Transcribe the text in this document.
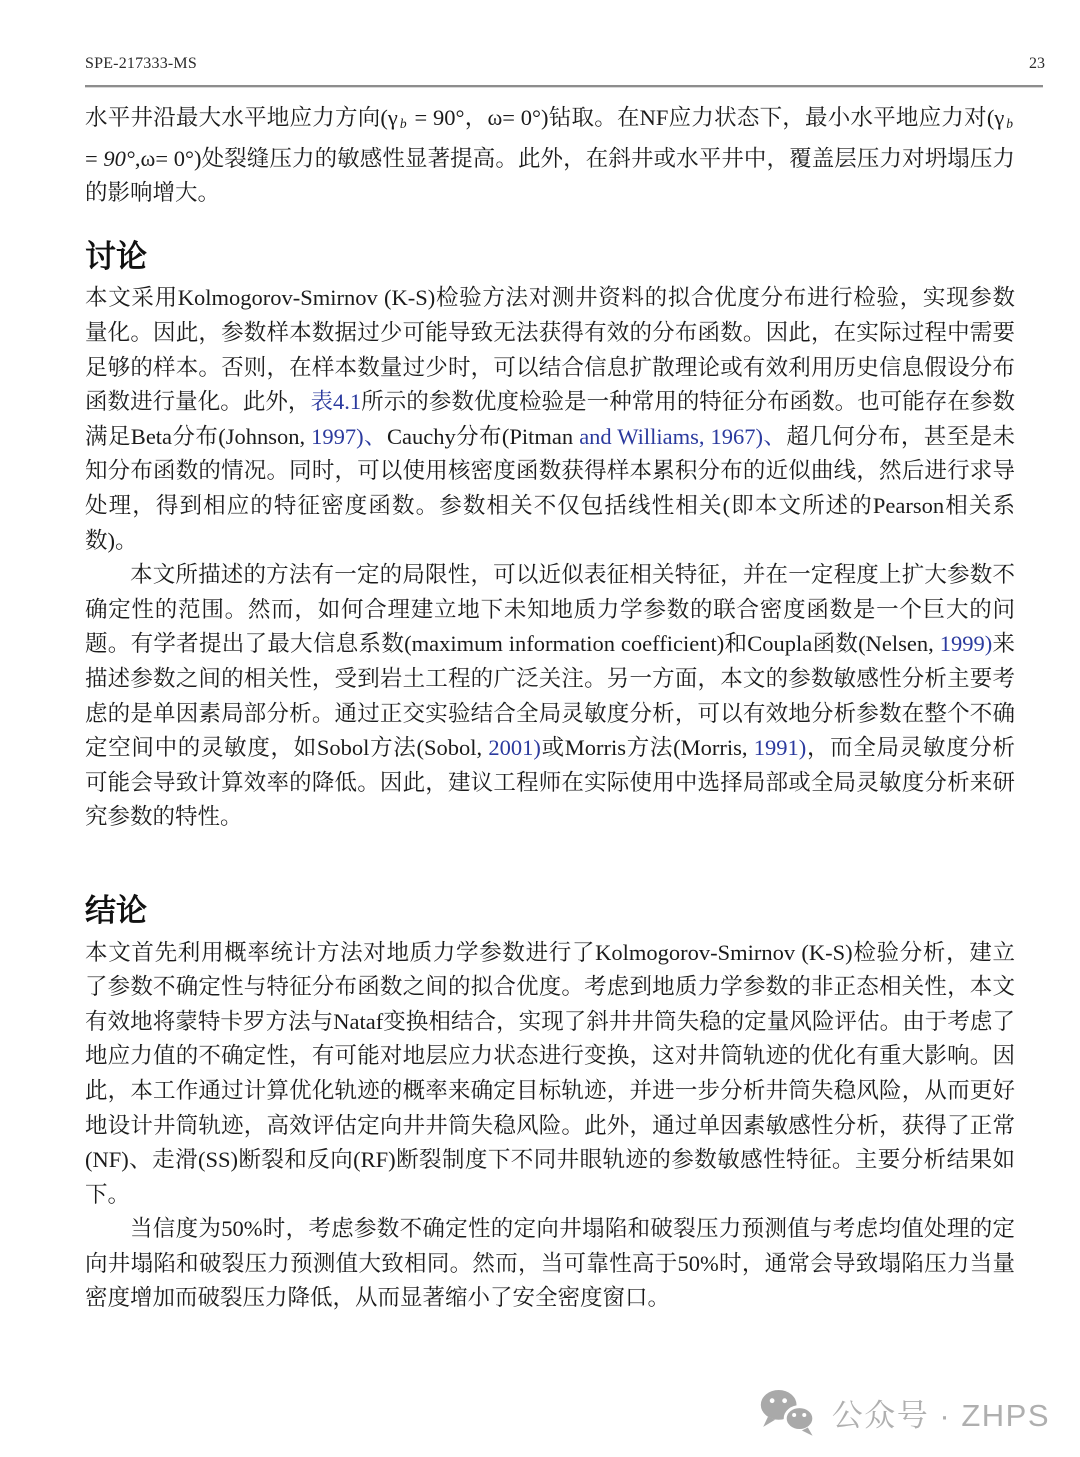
SPE-217333-MS	23

水平井沿最大水平地应力方向(γ b = 90°，ω= 0°)钻取。在NF应力状态下，最小水平地应力对(γ b = 90°,ω= 0°)处裂缝压力的敏感性显著提高。此外，在斜井或水平井中，覆盖层压力对坍塌压力的影响增大。

讨论

本文采用Kolmogorov-Smirnov (K-S)检验方法对测井资料的拟合优度分布进行检验，实现参数量化。因此，参数样本数据过少可能导致无法获得有效的分布函数。因此，在实际过程中需要足够的样本。否则，在样本数量过少时，可以结合信息扩散理论或有效利用历史信息假设分布函数进行量化。此外，表4.1所示的参数优度检验是一种常用的特征分布函数。也可能存在参数满足Beta分布(Johnson, 1997)、Cauchy分布(Pitman and Williams, 1967)、超几何分布，甚至是未知分布函数的情况。同时，可以使用核密度函数获得样本累积分布的近似曲线，然后进行求导处理，得到相应的特征密度函数。参数相关不仅包括线性相关(即本文所述的Pearson相关系数)。

本文所描述的方法有一定的局限性，可以近似表征相关特征，并在一定程度上扩大参数不确定性的范围。然而，如何合理建立地下未知地质力学参数的联合密度函数是一个巨大的问题。有学者提出了最大信息系数(maximum information coefficient)和Coupla函数(Nelsen, 1999)来描述参数之间的相关性，受到岩土工程的广泛关注。另一方面，本文的参数敏感性分析主要考虑的是单因素局部分析。通过正交实验结合全局灵敏度分析，可以有效地分析参数在整个不确定空间中的灵敏度，如Sobol方法(Sobol, 2001)或Morris方法(Morris, 1991)，而全局灵敏度分析可能会导致计算效率的降低。因此，建议工程师在实际使用中选择局部或全局灵敏度分析来研究参数的特性。

结论

本文首先利用概率统计方法对地质力学参数进行了Kolmogorov-Smirnov (K-S)检验分析，建立了参数不确定性与特征分布函数之间的拟合优度。考虑到地质力学参数的非正态相关性，本文有效地将蒙特卡罗方法与Nataf变换相结合，实现了斜井井筒失稳的定量风险评估。由于考虑了地应力值的不确定性，有可能对地层应力状态进行变换，这对井筒轨迹的优化有重大影响。因此，本工作通过计算优化轨迹的概率来确定目标轨迹，并进一步分析井筒失稳风险，从而更好地设计井筒轨迹，高效评估定向井井筒失稳风险。此外，通过单因素敏感性分析，获得了正常(NF)、走滑(SS)断裂和反向(RF)断裂制度下不同井眼轨迹的参数敏感性特征。主要分析结果如下。

当信度为50%时，考虑参数不确定性的定向井塌陷和破裂压力预测值与考虑均值处理的定向井塌陷和破裂压力预测值大致相同。然而，当可靠性高于50%时，通常会导致塌陷压力当量密度增加而破裂压力降低，从而显著缩小了安全密度窗口。

公众号 · ZHPS
